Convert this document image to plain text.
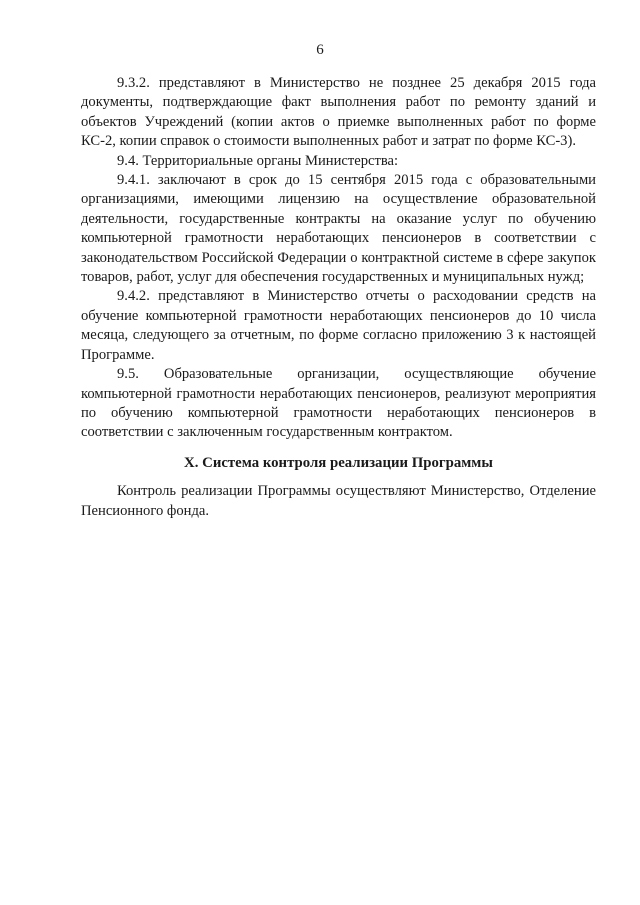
6

9.3.2. представляют в Министерство не позднее 25 декабря 2015 года документы, подтверждающие факт выполнения работ по ремонту зданий и объектов Учреждений (копии актов о приемке выполненных работ по форме КС-2, копии справок о стоимости выполненных работ и затрат по форме КС-3).

9.4. Территориальные органы Министерства:

9.4.1. заключают в срок до 15 сентября 2015 года с образовательными организациями, имеющими лицензию на осуществление образовательной деятельности, государственные контракты на оказание услуг по обучению компьютерной грамотности неработающих пенсионеров в соответствии с законодательством Российской Федерации о контрактной системе в сфере закупок товаров, работ, услуг для обеспечения государственных и муниципальных нужд;

9.4.2. представляют в Министерство отчеты о расходовании средств на обучение компьютерной грамотности неработающих пенсионеров до 10 числа месяца, следующего за отчетным, по форме согласно приложению 3 к настоящей Программе.

9.5. Образовательные организации, осуществляющие обучение компьютерной грамотности неработающих пенсионеров, реализуют мероприятия по обучению компьютерной грамотности неработающих пенсионеров в соответствии с заключенным государственным контрактом.

X. Система контроля реализации Программы

Контроль реализации Программы осуществляют Министерство, Отделение Пенсионного фонда.
